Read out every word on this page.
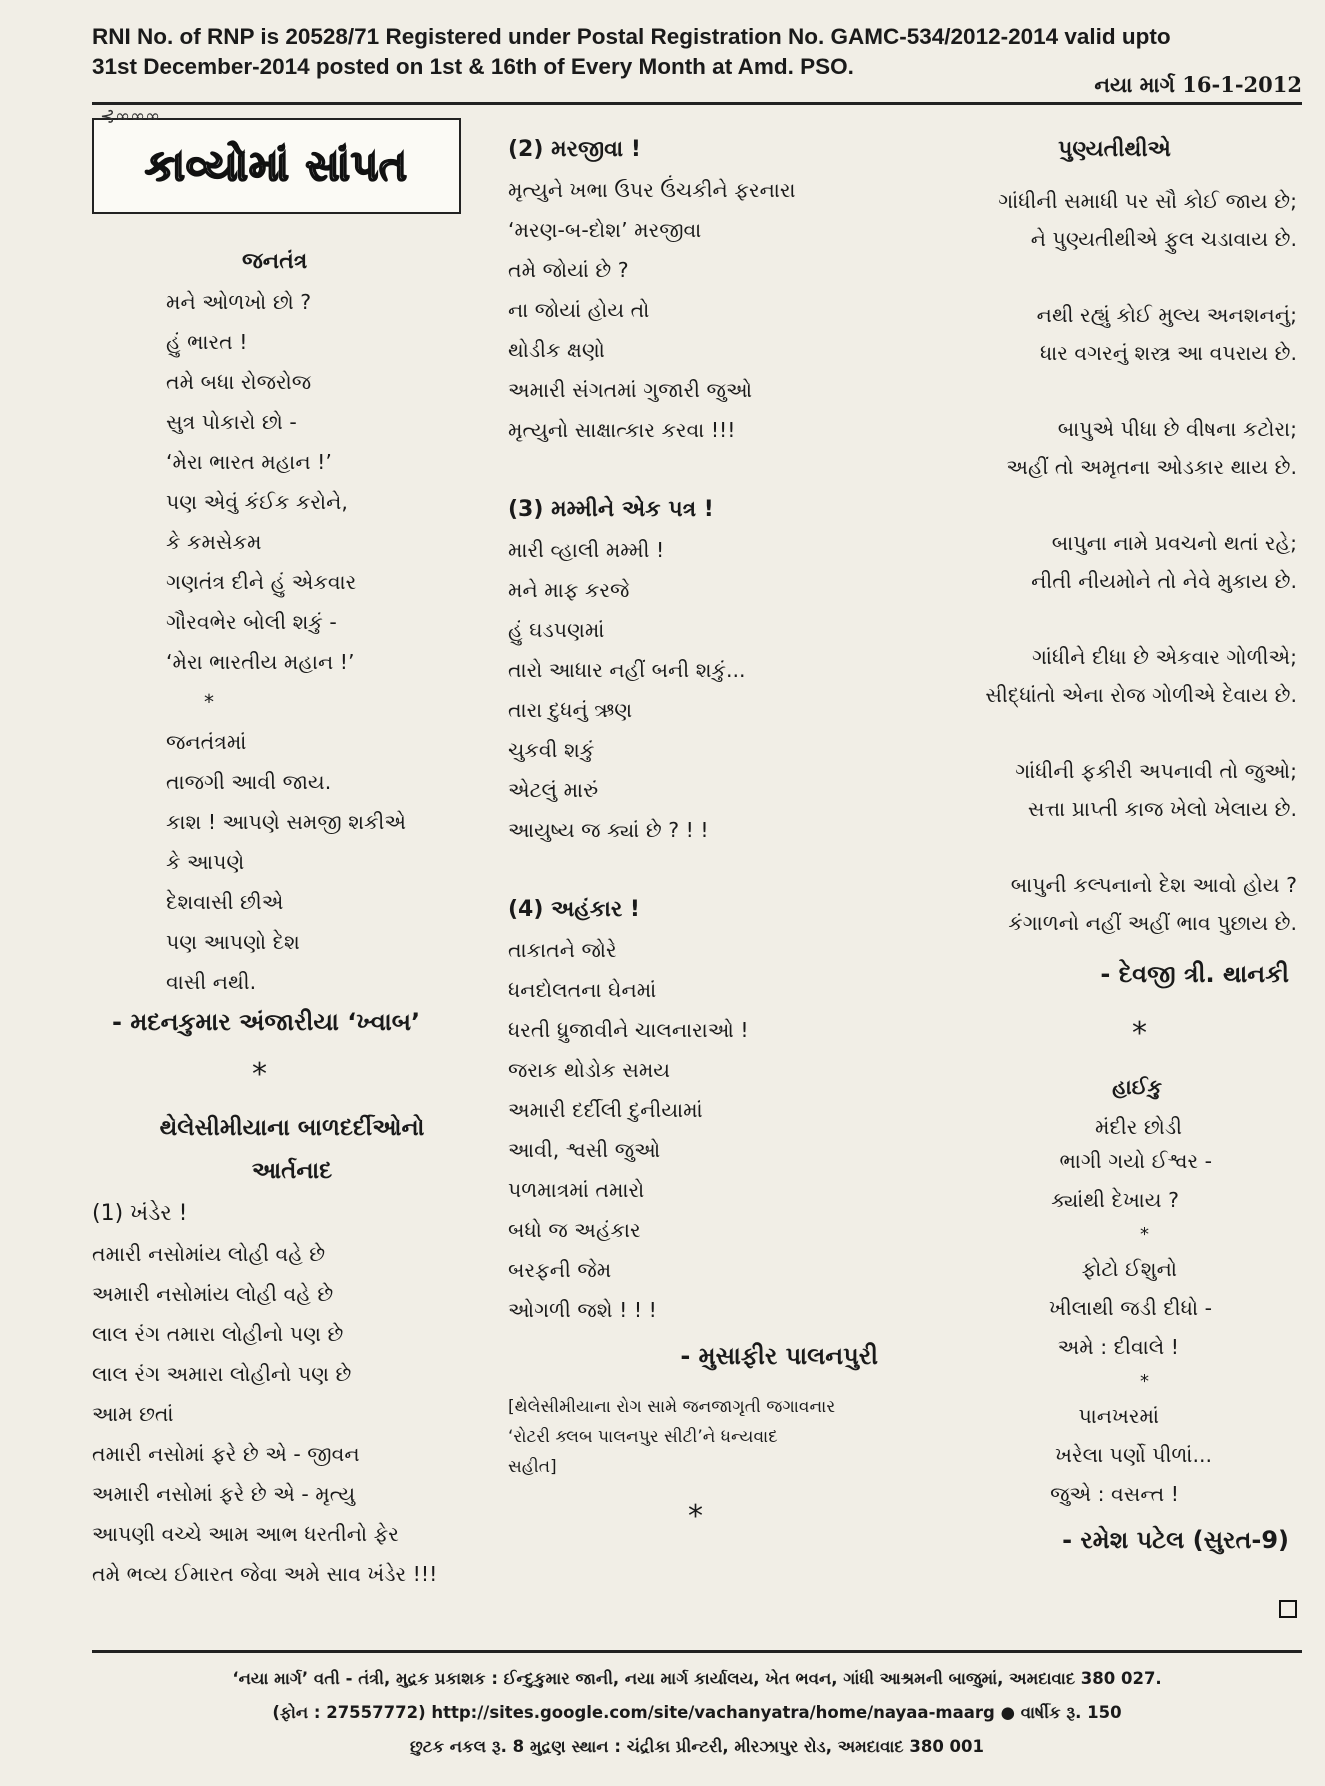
RNI No. of RNP is 20528/71 Registered under Postal Registration No. GAMC-534/2012-2014 valid upto

31st December-2014 posted on 1st & 16th of Every Month at Amd. PSO.

નયા માર્ગ 16-1-2012
⊰∞∞∞
કાવ્યોમાં સાંપત

જનતંત્ર

મને ઓળખો છો ?

હું ભારત !

તમે બધા રોજરોજ

સુત્ર પોકારો છો -

‘મેરા ભારત મહાન !’

પણ એવું કંઈક કરોને,

કે કમસેકમ

ગણતંત્ર દીને હું એકવાર

ગૌરવભેર બોલી શકું -

‘મેરા ભારતીય મહાન !’

*

જનતંત્રમાં

તાજગી આવી જાય.

કાશ ! આપણે સમજી શકીએ

કે આપણે

દેશવાસી છીએ

પણ આપણો દેશ

વાસી નથી.

- મદનકુમાર અંજારીયા ‘ખ્વાબ’

*

થેલેસીમીયાના બાળદર્દીઓનો

આર્તનાદ

(1) ખંડેર !

તમારી નસોમાંય લોહી વહે છે

અમારી નસોમાંય લોહી વહે છે

લાલ રંગ તમારા લોહીનો પણ છે

લાલ રંગ અમારા લોહીનો પણ છે

આમ છતાં

તમારી નસોમાં ફરે છે એ - જીવન

અમારી નસોમાં ફરે છે એ - મૃત્યુ

આપણી વચ્ચે આમ આભ ધરતીનો ફેર

તમે ભવ્ય ઈમારત જેવા અમે સાવ ખંડેર !!!

(2) મરજીવા !

મૃત્યુને ખભા ઉપર ઉંચકીને ફરનારા

‘મરણ-બ-દોશ’ મરજીવા

તમે જોયાં છે ?

ના જોયાં હોય તો

થોડીક ક્ષણો

અમારી સંગતમાં ગુજારી જુઓ

મૃત્યુનો સાક્ષાત્કાર કરવા !!!

(3) મમ્મીને એક પત્ર !

મારી વ્હાલી મમ્મી !

મને માફ કરજે

હું ઘડપણમાં

તારો આધાર નહીં બની શકું...

તારા દુધનું ઋણ

ચુકવી શકું

એટલું મારું

આયુષ્ય જ ક્યાં છે ? ! !

(4) અહંકાર !

તાકાતને જોરે

ધનદોલતના ઘેનમાં

ધરતી ધ્રુજાવીને ચાલનારાઓ !

જરાક થોડોક સમય

અમારી દર્દીલી દુનીયામાં

આવી, શ્વસી જુઓ

પળમાત્રમાં તમારો

બધો જ અહંકાર

બરફની જેમ

ઓગળી જશે ! ! !

- મુસાફીર પાલનપુરી

[થેલેસીમીયાના રોગ સામે જનજાગૃતી જગાવનાર

‘રોટરી ક્લબ પાલનપુર સીટી’ને ધન્યવાદ

સહીત]

*

પુણ્યતીથીએ

ગાંધીની સમાધી પર સૌ કોઈ જાય છે;

ને પુણ્યતીથીએ ફુલ ચડાવાય છે.

નથી રહ્યું કોઈ મુલ્ય અનશનનું;

ધાર વગરનું શસ્ત્ર આ વપરાય છે.

બાપુએ પીધા છે વીષના કટોરા;

અહીં તો અમૃતના ઓડકાર થાય છે.

બાપુના નામે પ્રવચનો થતાં રહે;

નીતી નીયમોને તો નેવે મુકાય છે.

ગાંધીને દીધા છે એકવાર ગોળીએ;

સીદ્ધાંતો એના રોજ ગોળીએ દેવાય છે.

ગાંધીની ફકીરી અપનાવી તો જુઓ;

સત્તા પ્રાપ્તી કાજ ખેલો ખેલાય છે.

બાપુની કલ્પનાનો દેશ આવો હોય ?

કંગાળનો નહીં અહીં ભાવ પુછાય છે.

- દેવજી ત્રી. થાનકી

*

હાઈકુ

મંદીર છોડી

ભાગી ગયો ઈશ્વર -

ક્યાંથી દેખાય ?

*

ફોટો ઈશુનો

ખીલાથી જડી દીધો -

અમે : દીવાલે !

*

પાનખરમાં

ખરેલા પર્ણો પીળાં...

જુએ : વસન્ત !

- રમેશ પટેલ (સુરત-9)

‘નયા માર્ગ’ વતી - તંત્રી, મુદ્રક પ્રકાશક : ઈન્દુકુમાર જાની, નયા માર્ગ કાર્યાલય, ખેત ભવન, ગાંધી આશ્રમની બાજુમાં, અમદાવાદ 380 027.

(ફોન : 27557772) http://sites.google.com/site/vachanyatra/home/nayaa-maarg ● વાર્ષીક રૂ. 150

છુટક નકલ રૂ. 8 મુદ્રણ સ્થાન : ચંદ્રીકા પ્રીન્ટરી, મીરઝાપુર રોડ, અમદાવાદ 380 001
